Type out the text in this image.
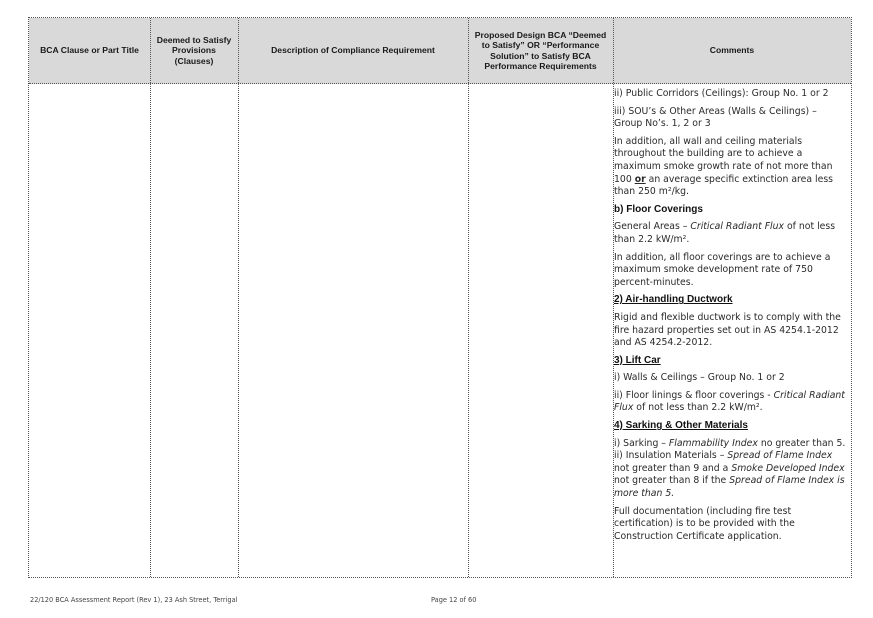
BCA Clause or Part Title
Deemed to Satisfy Provisions (Clauses)
Description of Compliance Requirement
Proposed Design BCA “Deemed to Satisfy” OR “Performance Solution” to Satisfy BCA Performance Requirements
Comments

ii) Public Corridors (Ceilings): Group No. 1 or 2

iii) SOU’s & Other Areas (Walls & Ceilings) – Group No’s. 1, 2 or 3

In addition, all wall and ceiling materials throughout the building are to achieve a maximum smoke growth rate of not more than 100 or an average specific extinction area less than 250 m²/kg.

b) Floor Coverings

General Areas – Critical Radiant Flux of not less than 2.2 kW/m².

In addition, all floor coverings are to achieve a maximum smoke development rate of 750 percent-minutes.

2) Air-handling Ductwork

Rigid and flexible ductwork is to comply with the fire hazard properties set out in AS 4254.1-2012 and AS 4254.2-2012.

3) Lift Car

i) Walls & Ceilings – Group No. 1 or 2

ii) Floor linings & floor coverings - Critical Radiant Flux of not less than 2.2 kW/m².

4) Sarking & Other Materials

i) Sarking – Flammability Index no greater than 5.

ii) Insulation Materials – Spread of Flame Index not greater than 9 and a Smoke Developed Index not greater than 8 if the Spread of Flame Index is more than 5.

Full documentation (including fire test certification) is to be provided with the Construction Certificate application.

22/120 BCA Assessment Report (Rev 1), 23 Ash Street, Terrigal	Page 12 of 60
